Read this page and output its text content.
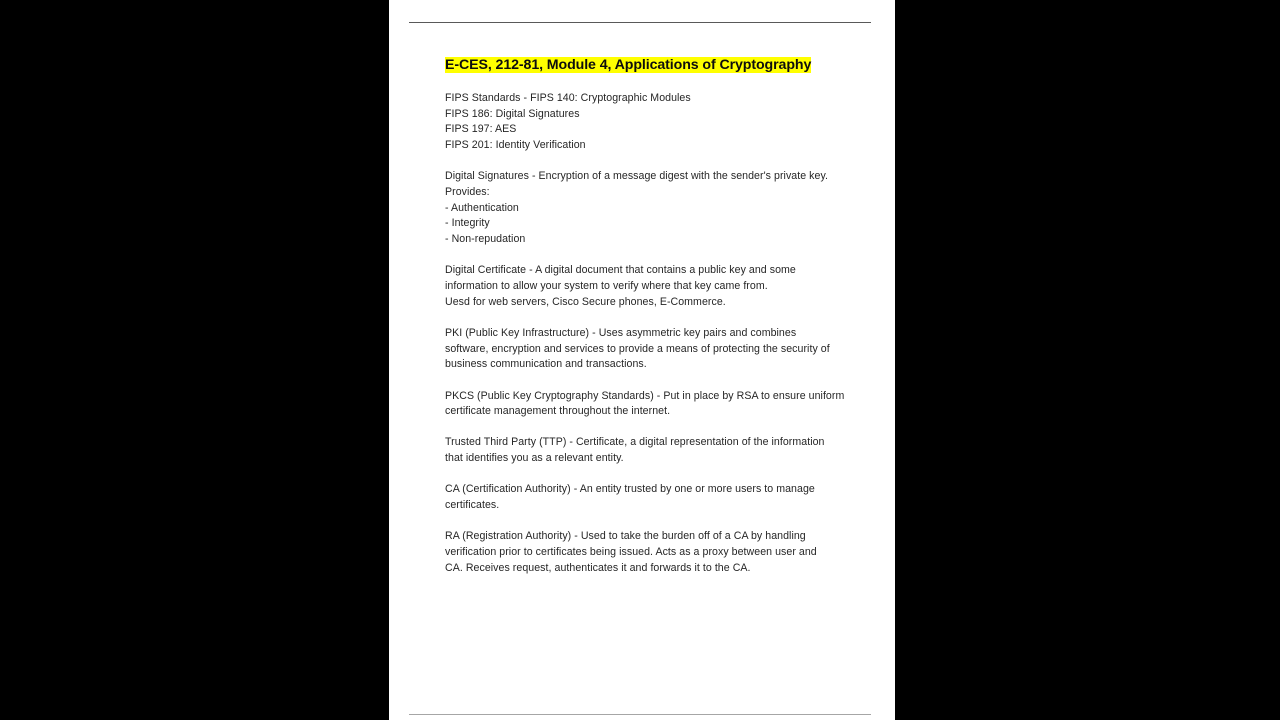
E-CES, 212-81, Module 4, Applications of Cryptography

FIPS Standards - FIPS 140: Cryptographic Modules
FIPS 186: Digital Signatures
FIPS 197: AES
FIPS 201: Identity Verification

Digital Signatures - Encryption of a message digest with the sender's private key.
Provides:
- Authentication
- Integrity
- Non-repudation

Digital Certificate - A digital document that contains a public key and some
information to allow your system to verify where that key came from.
Uesd for web servers, Cisco Secure phones, E-Commerce.

PKI (Public Key Infrastructure) - Uses asymmetric key pairs and combines
software, encryption and services to provide a means of protecting the security of
business communication and transactions.

PKCS (Public Key Cryptography Standards) - Put in place by RSA to ensure uniform
certificate management throughout the internet.

Trusted Third Party (TTP) - Certificate, a digital representation of the information
that identifies you as a relevant entity.

CA (Certification Authority) - An entity trusted by one or more users to manage
certificates.

RA (Registration Authority) - Used to take the burden off of a CA by handling
verification prior to certificates being issued. Acts as a proxy between user and
CA. Receives request, authenticates it and forwards it to the CA.
